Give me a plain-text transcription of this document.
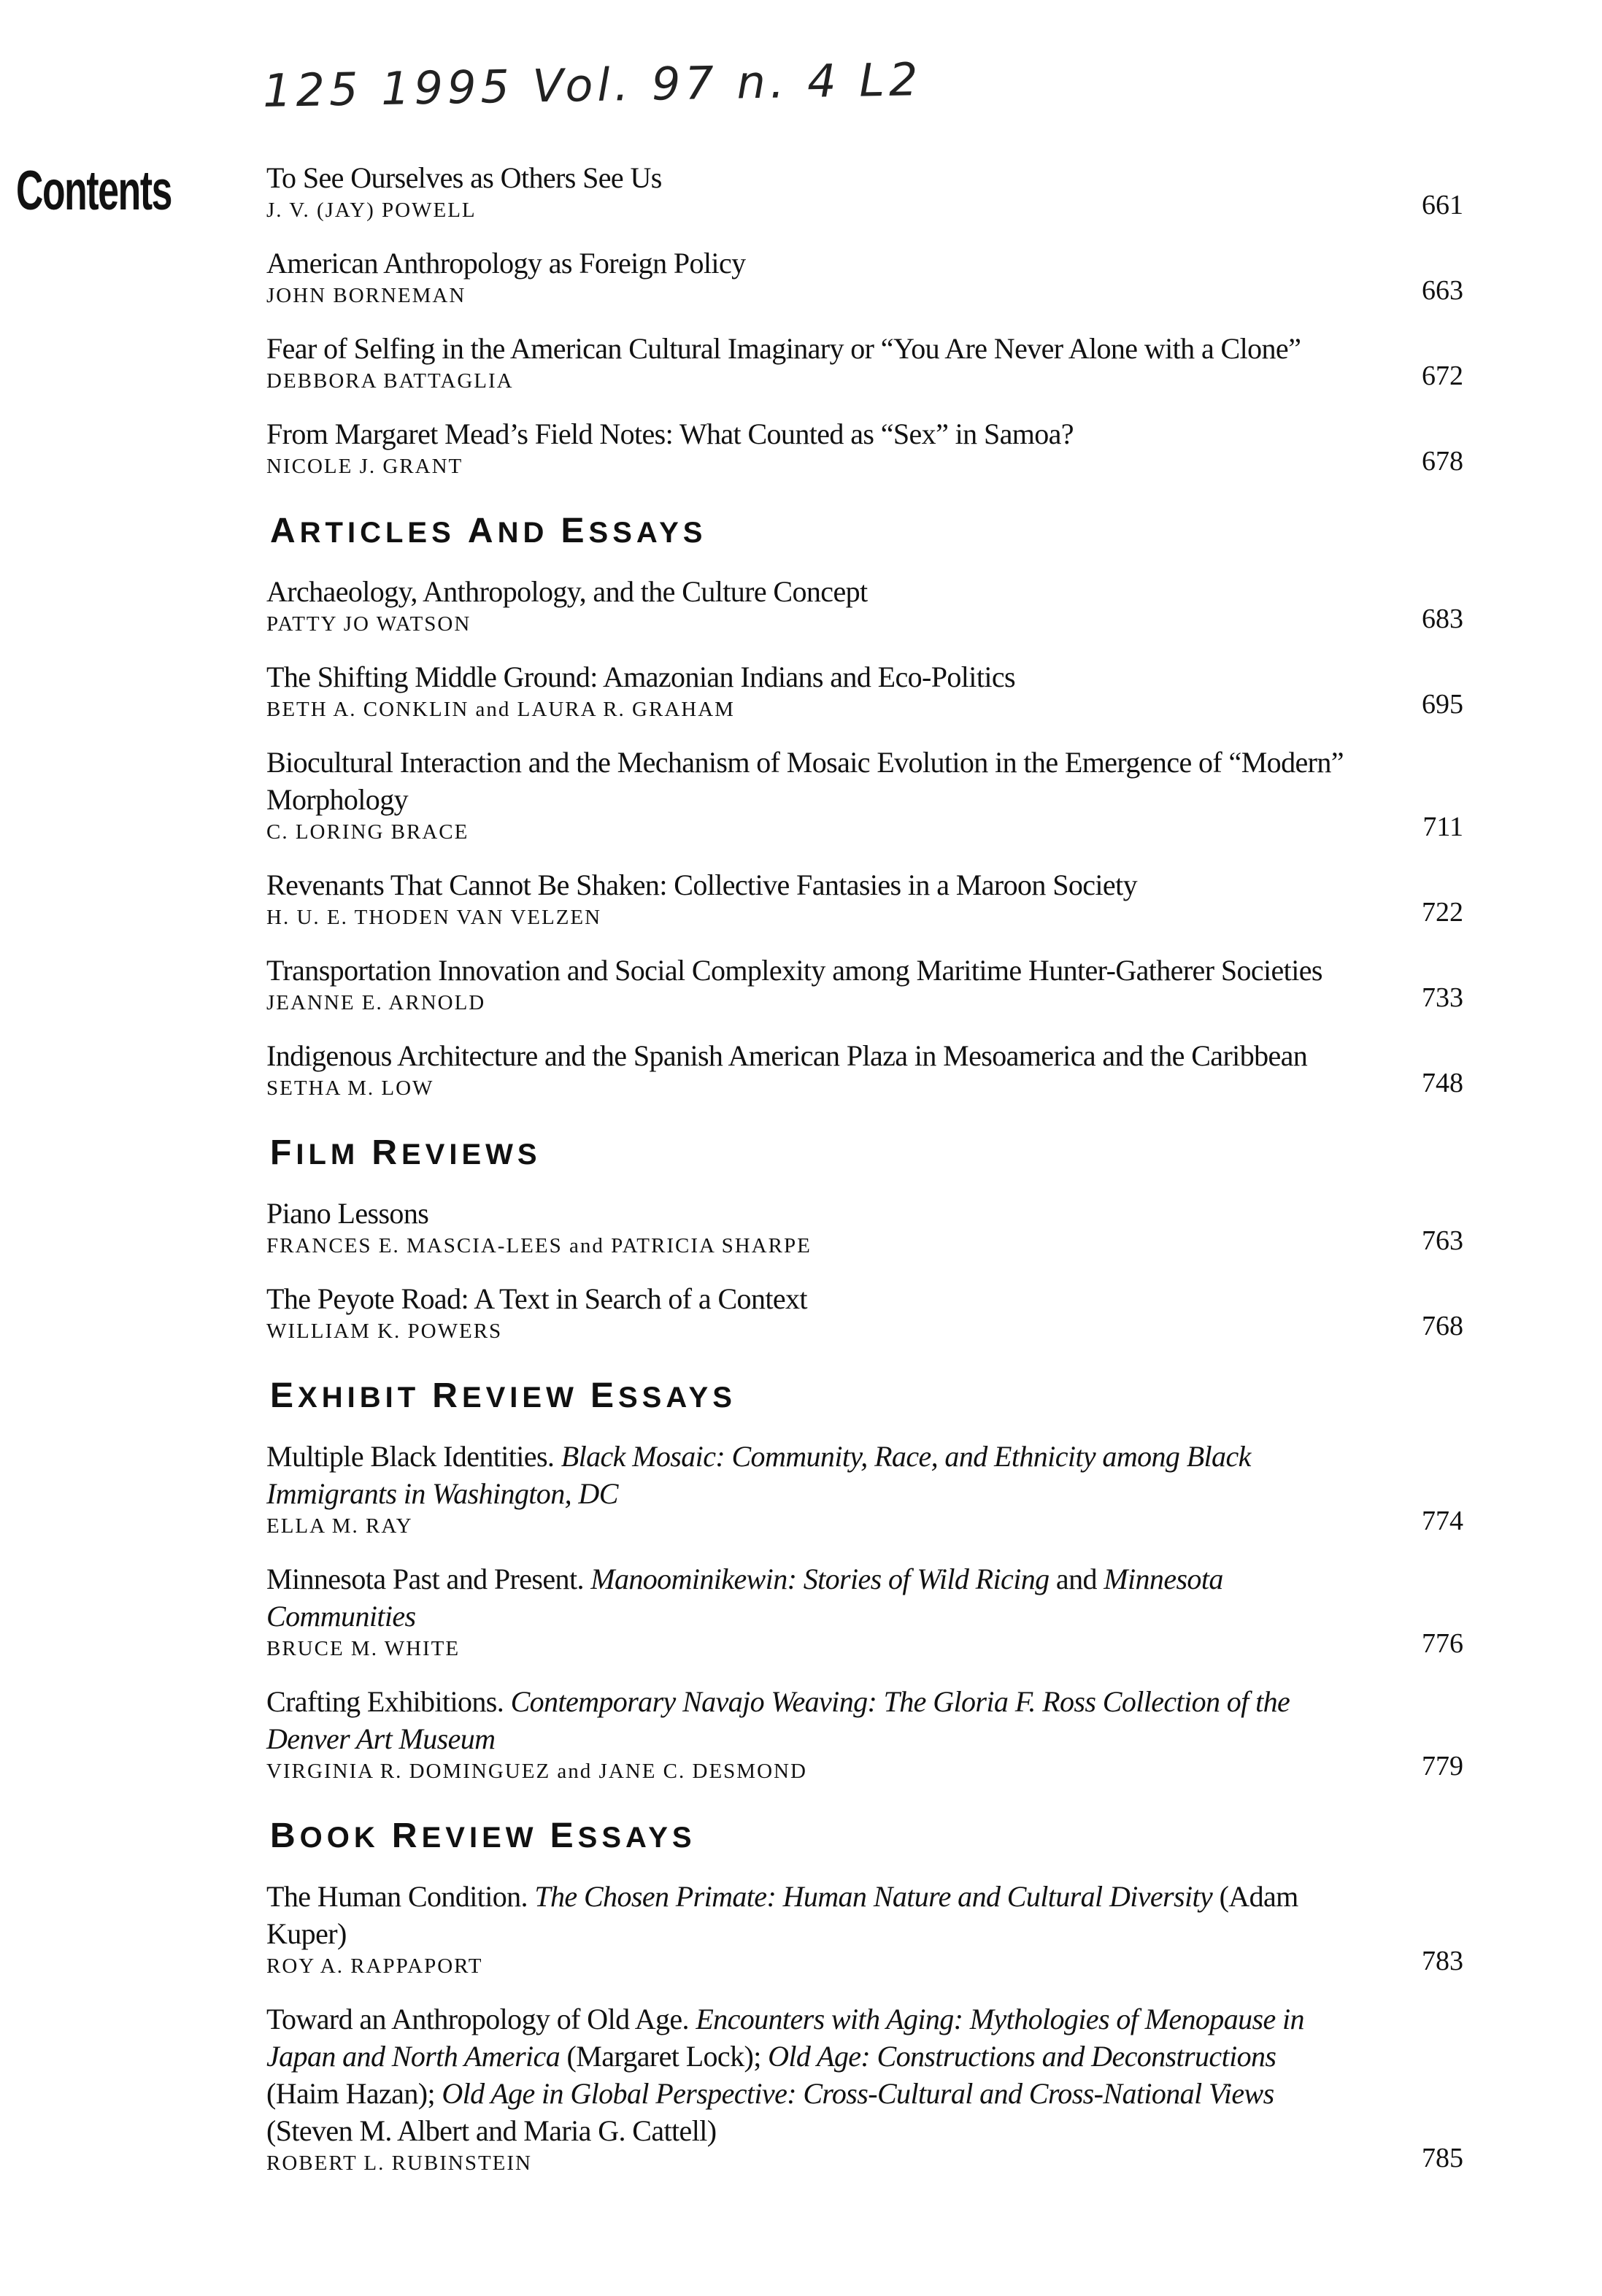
125 1995 Vol. 97 n. 4 L2
Contents	To See Ourselves as Others See Us
J. V. (JAY) POWELL	661
American Anthropology as Foreign Policy
JOHN BORNEMAN	663
Fear of Selfing in the American Cultural Imaginary or “You Are Never Alone with a Clone”
DEBBORA BATTAGLIA	672
From Margaret Mead’s Field Notes: What Counted as “Sex” in Samoa?
NICOLE J. GRANT	678
ARTICLES AND ESSAYS
Archaeology, Anthropology, and the Culture Concept
PATTY JO WATSON	683
The Shifting Middle Ground: Amazonian Indians and Eco-Politics
BETH A. CONKLIN and LAURA R. GRAHAM	695
Biocultural Interaction and the Mechanism of Mosaic Evolution in the Emergence of “Modern” Morphology
C. LORING BRACE	711
Revenants That Cannot Be Shaken: Collective Fantasies in a Maroon Society
H. U. E. THODEN VAN VELZEN	722
Transportation Innovation and Social Complexity among Maritime Hunter-Gatherer Societies
JEANNE E. ARNOLD	733
Indigenous Architecture and the Spanish American Plaza in Mesoamerica and the Caribbean
SETHA M. LOW	748
FILM REVIEWS
Piano Lessons
FRANCES E. MASCIA-LEES and PATRICIA SHARPE	763
The Peyote Road: A Text in Search of a Context
WILLIAM K. POWERS	768
EXHIBIT REVIEW ESSAYS
Multiple Black Identities. Black Mosaic: Community, Race, and Ethnicity among Black Immigrants in Washington, DC
ELLA M. RAY	774
Minnesota Past and Present. Manoominikewin: Stories of Wild Ricing and Minnesota Communities
BRUCE M. WHITE	776
Crafting Exhibitions. Contemporary Navajo Weaving: The Gloria F. Ross Collection of the Denver Art Museum
VIRGINIA R. DOMINGUEZ and JANE C. DESMOND	779
BOOK REVIEW ESSAYS
The Human Condition. The Chosen Primate: Human Nature and Cultural Diversity (Adam Kuper)
ROY A. RAPPAPORT	783
Toward an Anthropology of Old Age. Encounters with Aging: Mythologies of Menopause in Japan and North America (Margaret Lock); Old Age: Constructions and Deconstructions (Haim Hazan); Old Age in Global Perspective: Cross-Cultural and Cross-National Views (Steven M. Albert and Maria G. Cattell)
ROBERT L. RUBINSTEIN	785
